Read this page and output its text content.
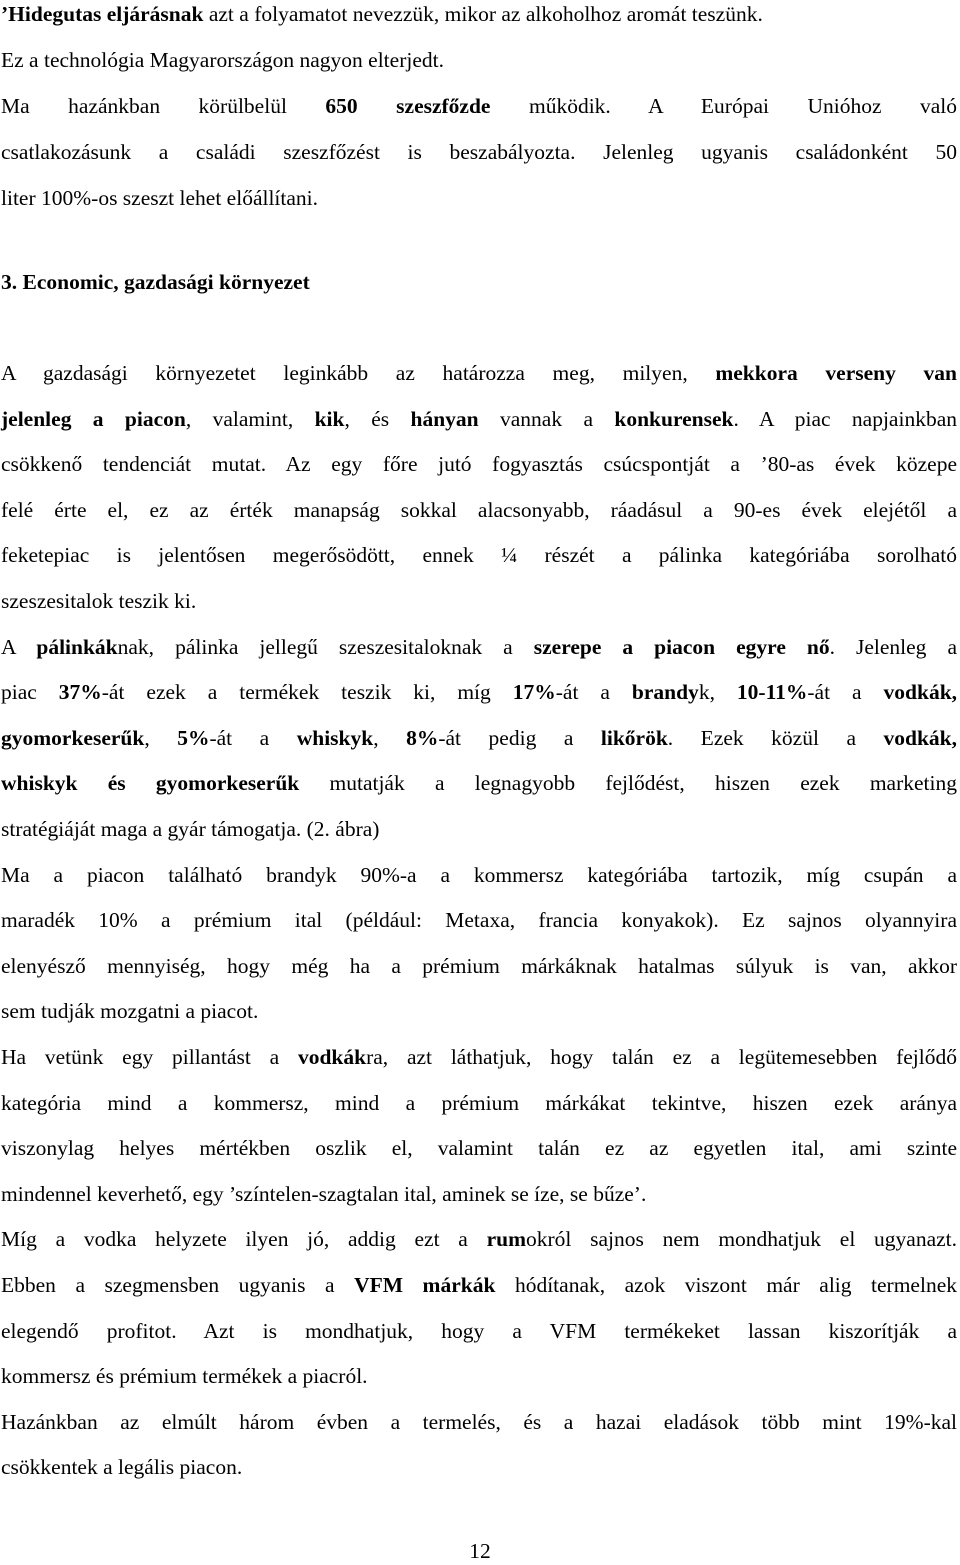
’Hidegutas eljárásnak azt a folyamatot nevezzük, mikor az alkoholhoz aromát teszünk.
Ez a technológia Magyarországon nagyon elterjedt.
Ma hazánkban körülbelül 650 szeszfőzde működik. A Európai Unióhoz való
csatlakozásunk a családi szeszfőzést is beszabályozta. Jelenleg ugyanis családonként 50
liter 100%-os szeszt lehet előállítani.
3. Economic, gazdasági környezet
A gazdasági környezetet leginkább az határozza meg, milyen, mekkora verseny van
jelenleg a piacon, valamint, kik, és hányan vannak a konkurensek. A piac napjainkban
csökkenő tendenciát mutat. Az egy főre jutó fogyasztás csúcspontját a ’80-as évek közepe
felé érte el, ez az érték manapság sokkal alacsonyabb, ráadásul a 90-es évek elejétől a
feketepiac is jelentősen megerősödött, ennek ¼ részét a pálinka kategóriába sorolható
szeszesitalok teszik ki.
A pálinkáknak, pálinka jellegű szeszesitaloknak a szerepe a piacon egyre nő. Jelenleg a
piac 37%-át ezek a termékek teszik ki, míg 17%-át a brandyk, 10-11%-át a vodkák,
gyomorkeserűk, 5%-át a whiskyk, 8%-át pedig a likőrök. Ezek közül a vodkák,
whiskyk és gyomorkeserűk mutatják a legnagyobb fejlődést, hiszen ezek marketing
stratégiáját maga a gyár támogatja. (2. ábra)
Ma a piacon található brandyk 90%-a a kommersz kategóriába tartozik, míg csupán a
maradék 10% a prémium ital (például: Metaxa, francia konyakok). Ez sajnos olyannyira
elenyésző mennyiség, hogy még ha a prémium márkáknak hatalmas súlyuk is van, akkor
sem tudják mozgatni a piacot.
Ha vetünk egy pillantást a vodkákra, azt láthatjuk, hogy talán ez a legütemesebben fejlődő
kategória mind a kommersz, mind a prémium márkákat tekintve, hiszen ezek aránya
viszonylag helyes mértékben oszlik el, valamint talán ez az egyetlen ital, ami szinte
mindennel keverhető, egy ’színtelen-szagtalan ital, aminek se íze, se bűze’.
Míg a vodka helyzete ilyen jó, addig ezt a rumokról sajnos nem mondhatjuk el ugyanazt.
Ebben a szegmensben ugyanis a VFM márkák hódítanak, azok viszont már alig termelnek
elegendő profitot. Azt is mondhatjuk, hogy a VFM termékeket lassan kiszorítják a
kommersz és prémium termékek a piacról.
Hazánkban az elmúlt három évben a termelés, és a hazai eladások több mint 19%-kal
csökkentek a legális piacon.
12
